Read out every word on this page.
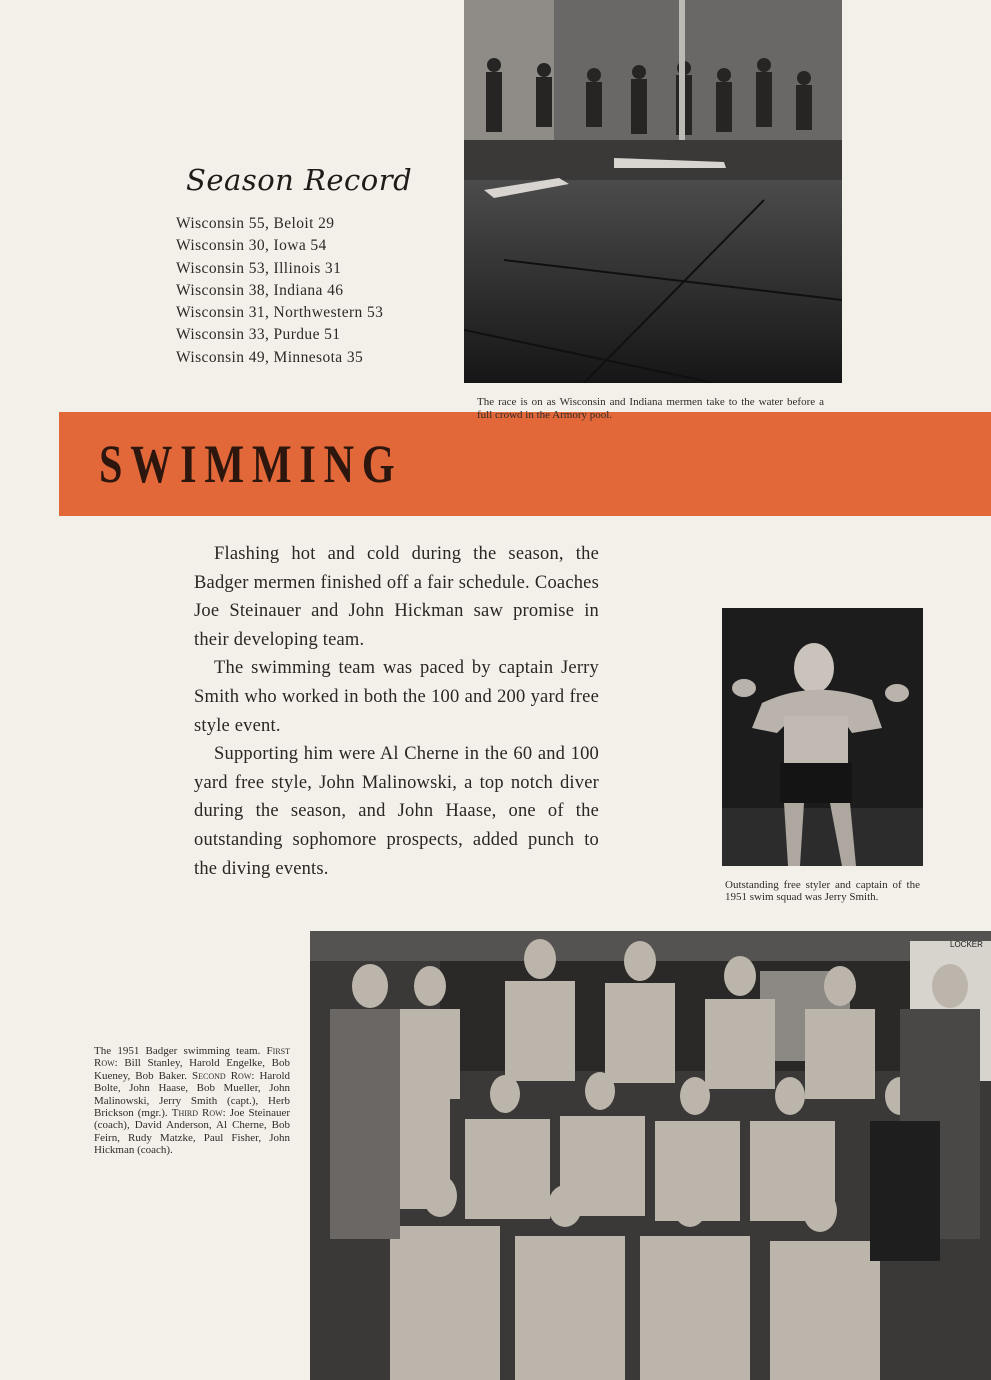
Season Record
Wisconsin 55, Beloit 29
Wisconsin 30, Iowa 54
Wisconsin 53, Illinois 31
Wisconsin 38, Indiana 46
Wisconsin 31, Northwestern 53
Wisconsin 33, Purdue 51
Wisconsin 49, Minnesota 35
SWIMMING
The race is on as Wisconsin and Indiana mermen take to the water before a full crowd in the Armory pool.

Flashing hot and cold during the season, the Badger mermen finished off a fair schedule. Coaches Joe Steinauer and John Hickman saw promise in their developing team.

The swimming team was paced by captain Jerry Smith who worked in both the 100 and 200 yard free style event.

Supporting him were Al Cherne in the 60 and 100 yard free style, John Malinowski, a top notch diver during the season, and John Haase, one of the outstanding sophomore prospects, added punch to the diving events.

Outstanding free styler and captain of the 1951 swim squad was Jerry Smith.
The 1951 Badger swimming team. First Row: Bill Stanley, Harold Engelke, Bob Kueney, Bob Baker. Second Row: Harold Bolte, John Haase, Bob Mueller, John Malinowski, Jerry Smith (capt.), Herb Brickson (mgr.). Third Row: Joe Steinauer (coach), David Anderson, Al Cherne, Bob Feirn, Rudy Matzke, Paul Fisher, John Hickman (coach).
LOCKER
